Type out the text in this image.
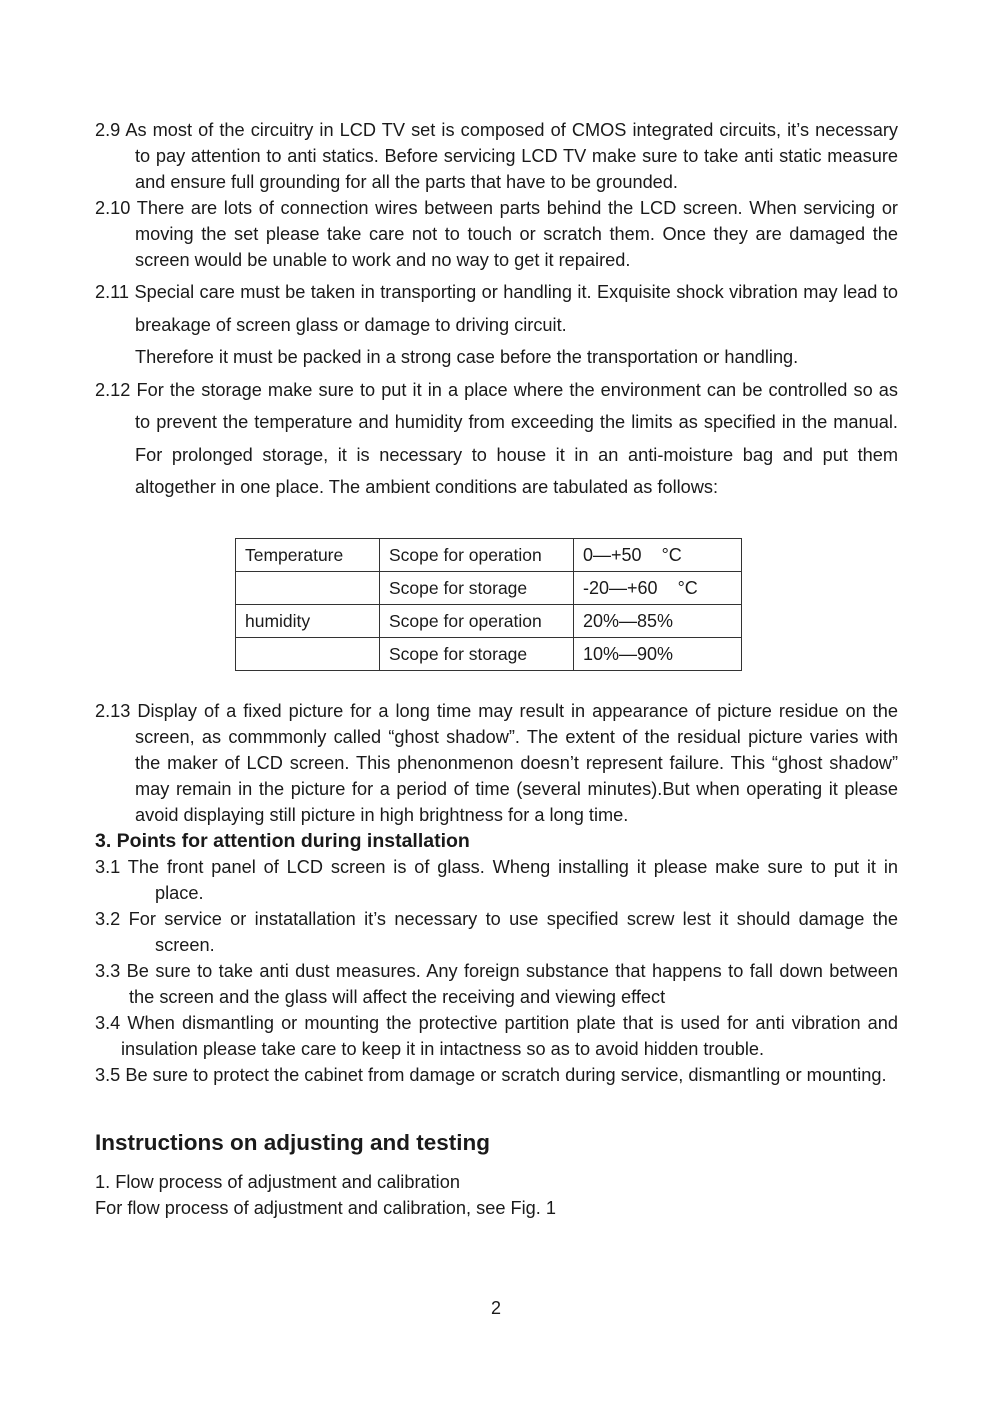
2.9 As most of the circuitry in LCD TV set is composed of CMOS integrated circuits, it’s necessary to pay attention to anti statics. Before servicing LCD TV make sure to take anti static measure and ensure full grounding for all the parts that have to be grounded.

2.10 There are lots of connection wires between parts behind the LCD screen. When servicing or moving the set please take care not to touch or scratch them. Once they are damaged the screen would be unable to work and no way to get it repaired.

2.11 Special care must be taken in transporting or handling it. Exquisite shock vibration may lead to breakage of screen glass or damage to driving circuit.

Therefore it must be packed in a strong case before the transportation or handling.

2.12 For the storage make sure to put it in a place where the environment can be controlled so as to prevent the temperature and humidity from exceeding the limits as specified in the manual. For prolonged storage, it is necessary to house it in an anti-moisture bag and put them altogether in one place. The ambient conditions are tabulated as follows:

Temperature	Scope for operation	0—+50 °C
	Scope for storage	-20—+60 °C
humidity	Scope for operation	20%—85%
	Scope for storage	10%—90%

2.13 Display of a fixed picture for a long time may result in appearance of picture residue on the screen, as commmonly called “ghost shadow”. The extent of the residual picture varies with the maker of LCD screen. This phenonmenon doesn’t represent failure. This “ghost shadow” may remain in the picture for a period of time (several minutes).But when operating it please avoid displaying still picture in high brightness for a long time.

3. Points for attention during installation

3.1 The front panel of LCD screen is of glass. Wheng installing it please make sure to put it in place.

3.2 For service or instatallation it’s necessary to use specified screw lest it should damage the screen.

3.3 Be sure to take anti dust measures. Any foreign substance that happens to fall down between the screen and the glass will affect the receiving and viewing effect

3.4 When dismantling or mounting the protective partition plate that is used for anti vibration and insulation please take care to keep it in intactness so as to avoid hidden trouble.

3.5 Be sure to protect the cabinet from damage or scratch during service, dismantling or mounting.

Instructions on adjusting and testing

1. Flow process of adjustment and calibration

For flow process of adjustment and calibration, see Fig. 1

2
